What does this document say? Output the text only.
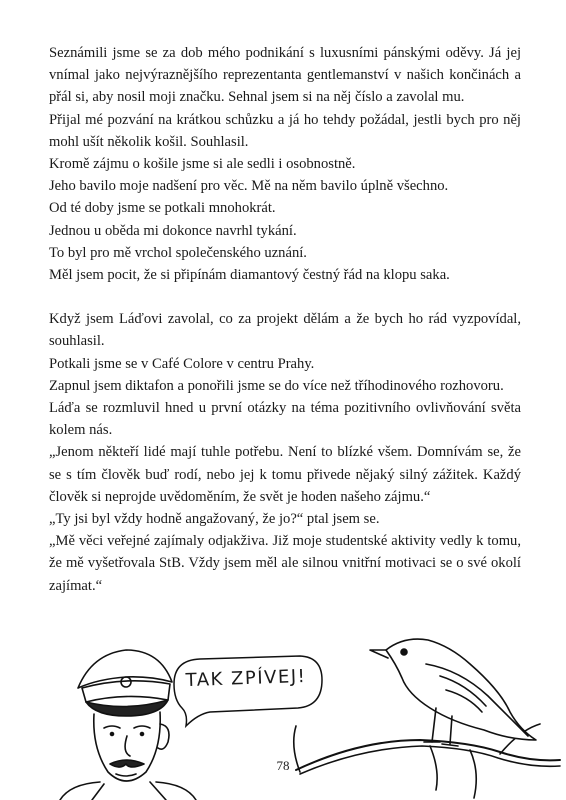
Seznámili jsme se za dob mého podnikání s luxusními pánskými oděvy. Já jej vnímal jako nejvýraznějšího reprezentanta gentlemanství v našich končinách a přál si, aby nosil moji značku. Sehnal jsem si na něj číslo a zavolal mu.

Přijal mé pozvání na krátkou schůzku a já ho tehdy požádal, jestli bych pro něj mohl ušít několik košil. Souhlasil.

Kromě zájmu o košile jsme si ale sedli i osobnostně.

Jeho bavilo moje nadšení pro věc. Mě na něm bavilo úplně všechno.

Od té doby jsme se potkali mnohokrát.

Jednou u oběda mi dokonce navrhl tykání.

To byl pro mě vrchol společenského uznání.

Měl jsem pocit, že si připínám diamantový čestný řád na klopu saka.

Když jsem Láďovi zavolal, co za projekt dělám a že bych ho rád vyzpovídal, souhlasil.

Potkali jsme se v Café Colore v centru Prahy.

Zapnul jsem diktafon a ponořili jsme se do více než tříhodinového rozhovoru.

Láďa se rozmluvil hned u první otázky na téma pozitivního ovlivňování světa kolem nás.

„Jenom někteří lidé mají tuhle potřebu. Není to blízké všem. Domnívám se, že se s tím člověk buď rodí, nebo jej k tomu přivede nějaký silný zážitek. Každý člověk si neprojde uvědoměním, že svět je hoden našeho zájmu.“

„Ty jsi byl vždy hodně angažovaný, že jo?“ ptal jsem se.

„Mě věci veřejné zajímaly odjakživa. Již moje studentské aktivity vedly k tomu, že mě vyšetřovala StB. Vždy jsem měl ale silnou vnitřní motivaci se o své okolí zajímat.“

TAK ZPÍVEJ!
78
